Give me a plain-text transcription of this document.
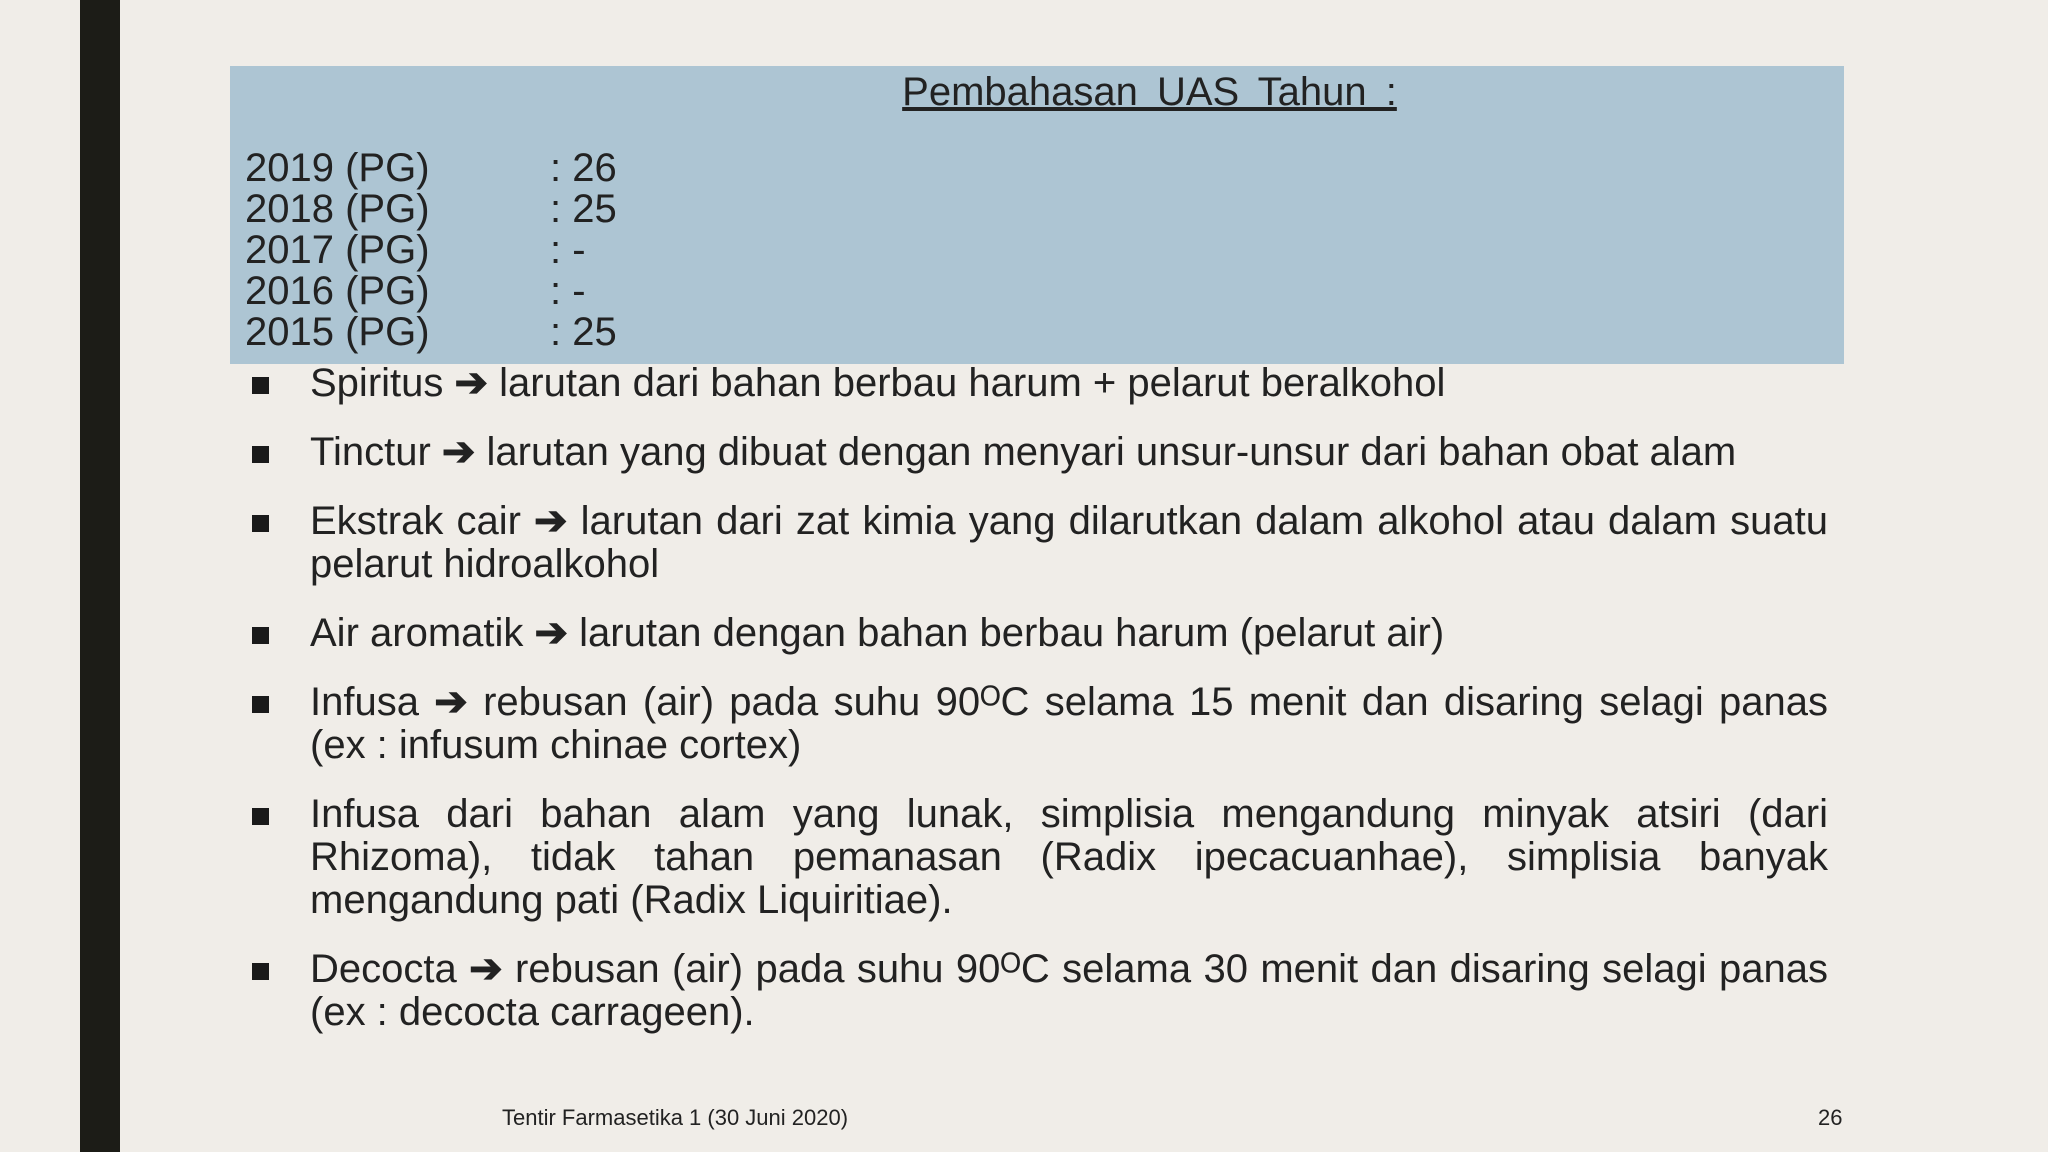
Pembahasan UAS Tahun :
2019 (PG)	: 26
2018 (PG)	: 25
2017 (PG)	: -
2016 (PG)	: -
2015 (PG)	: 25
Spiritus ➔ larutan dari bahan berbau harum + pelarut beralkohol
Tinctur ➔ larutan yang dibuat dengan menyari unsur-unsur dari bahan obat alam
Ekstrak cair ➔ larutan dari zat kimia yang dilarutkan dalam alkohol atau dalam suatu pelarut hidroalkohol
Air aromatik ➔ larutan dengan bahan berbau harum (pelarut air)
Infusa ➔ rebusan (air) pada suhu 90ᴼC selama 15 menit dan disaring selagi panas (ex : infusum chinae cortex)
Infusa dari bahan alam yang lunak, simplisia mengandung minyak atsiri (dari Rhizoma), tidak tahan pemanasan (Radix ipecacuanhae), simplisia banyak mengandung pati (Radix Liquiritiae).
Decocta ➔ rebusan (air) pada suhu 90ᴼC selama 30 menit dan disaring selagi panas (ex : decocta carrageen).
Tentir Farmasetika 1 (30 Juni 2020)	26
